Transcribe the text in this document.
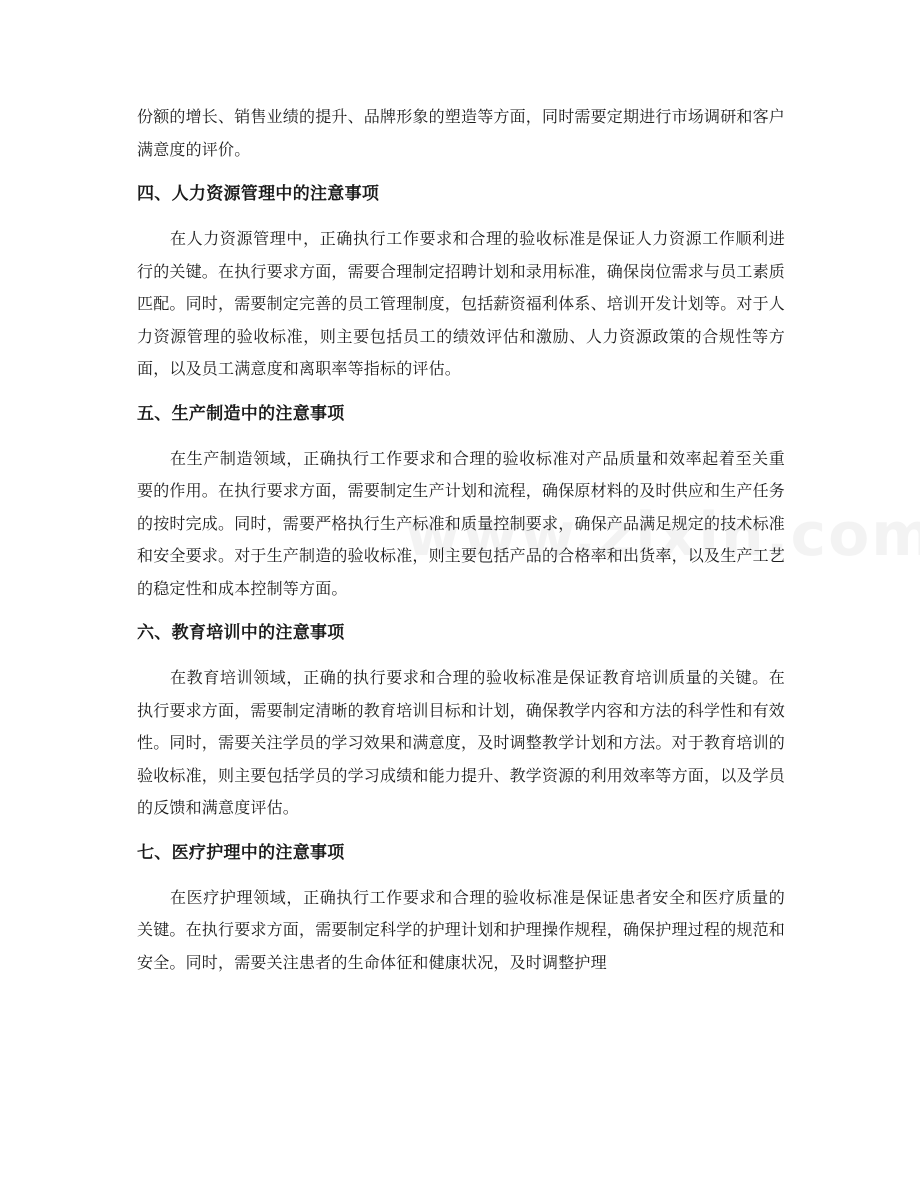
份额的增长、销售业绩的提升、品牌形象的塑造等方面，同时需要定期进行市场调研和客户满意度的评价。

四、人力资源管理中的注意事项

在人力资源管理中，正确执行工作要求和合理的验收标准是保证人力资源工作顺利进行的关键。在执行要求方面，需要合理制定招聘计划和录用标准，确保岗位需求与员工素质匹配。同时，需要制定完善的员工管理制度，包括薪资福利体系、培训开发计划等。对于人力资源管理的验收标准，则主要包括员工的绩效评估和激励、人力资源政策的合规性等方面，以及员工满意度和离职率等指标的评估。

五、生产制造中的注意事项

在生产制造领域，正确执行工作要求和合理的验收标准对产品质量和效率起着至关重要的作用。在执行要求方面，需要制定生产计划和流程，确保原材料的及时供应和生产任务的按时完成。同时，需要严格执行生产标准和质量控制要求，确保产品满足规定的技术标准和安全要求。对于生产制造的验收标准，则主要包括产品的合格率和出货率，以及生产工艺的稳定性和成本控制等方面。

六、教育培训中的注意事项

在教育培训领域，正确的执行要求和合理的验收标准是保证教育培训质量的关键。在执行要求方面，需要制定清晰的教育培训目标和计划，确保教学内容和方法的科学性和有效性。同时，需要关注学员的学习效果和满意度，及时调整教学计划和方法。对于教育培训的验收标准，则主要包括学员的学习成绩和能力提升、教学资源的利用效率等方面，以及学员的反馈和满意度评估。

七、医疗护理中的注意事项

在医疗护理领域，正确执行工作要求和合理的验收标准是保证患者安全和医疗质量的关键。在执行要求方面，需要制定科学的护理计划和护理操作规程，确保护理过程的规范和安全。同时，需要关注患者的生命体征和健康状况，及时调整护理
